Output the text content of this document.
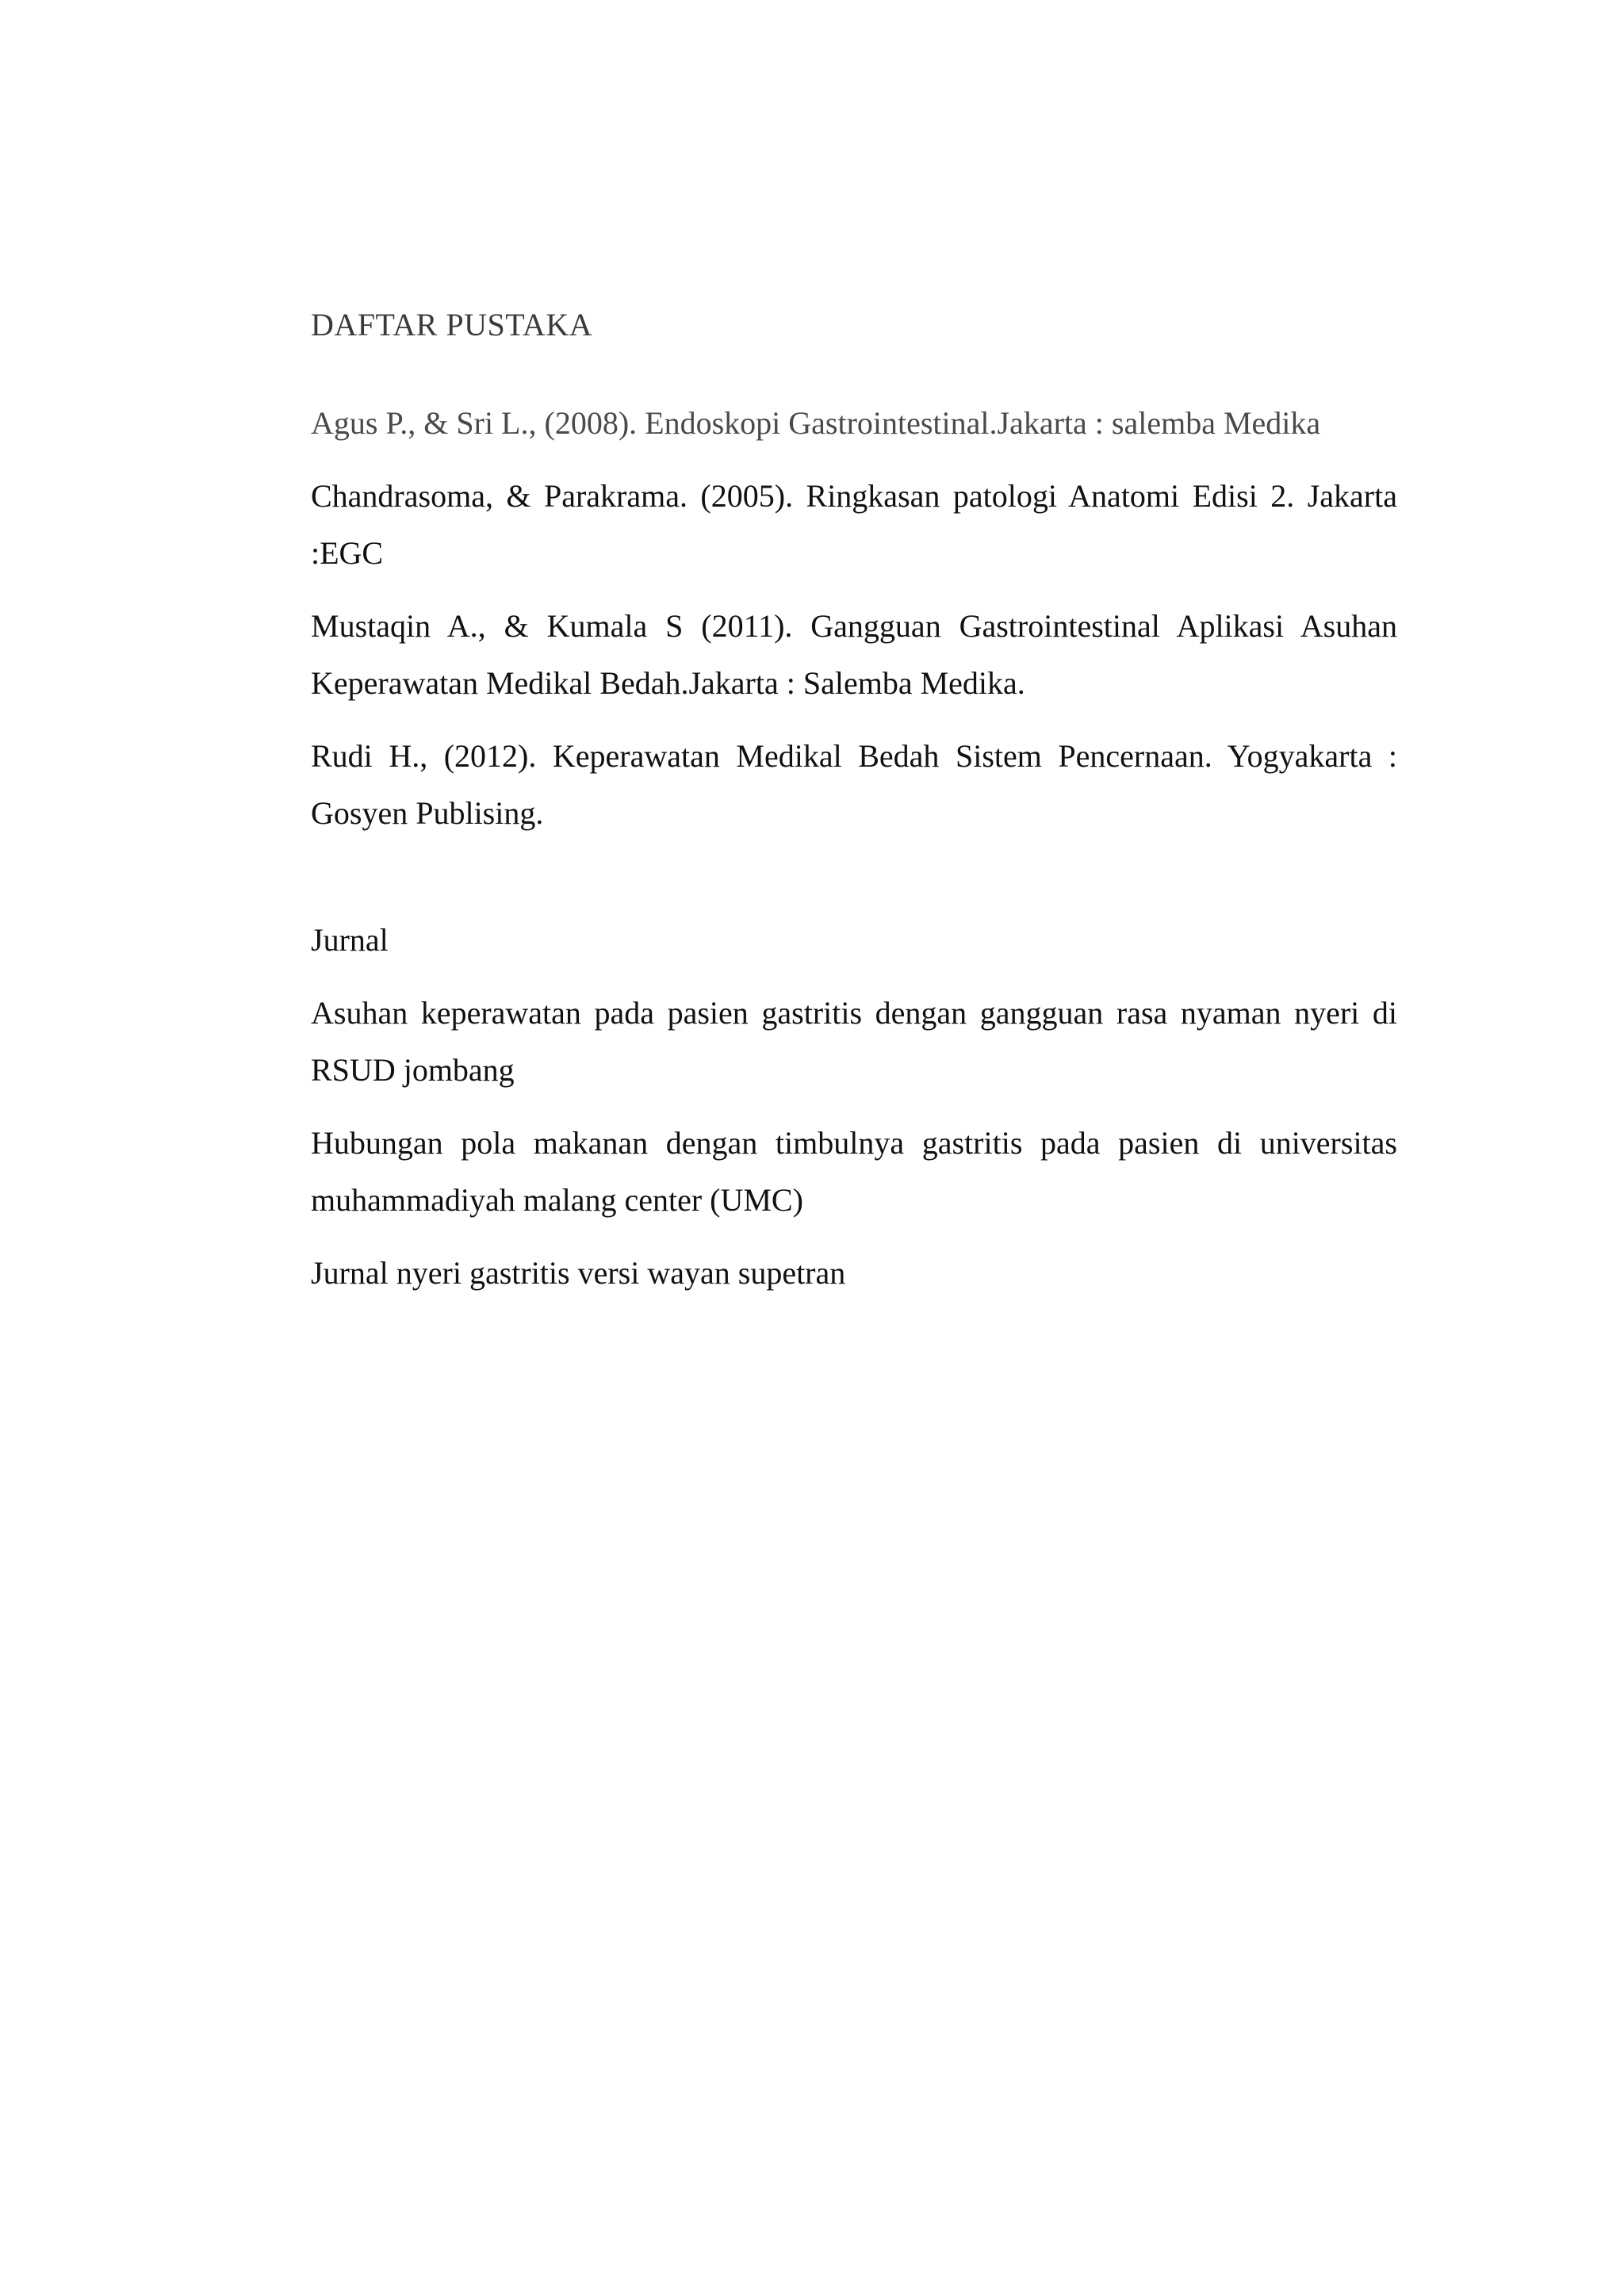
DAFTAR PUSTAKA

Agus P., & Sri L., (2008). Endoskopi Gastrointestinal.Jakarta : salemba Medika

Chandrasoma, & Parakrama. (2005). Ringkasan patologi Anatomi Edisi 2. Jakarta :EGC

Mustaqin A., & Kumala S (2011). Gangguan Gastrointestinal Aplikasi Asuhan Keperawatan Medikal Bedah.Jakarta : Salemba Medika.

Rudi H., (2012). Keperawatan Medikal Bedah Sistem Pencernaan. Yogyakarta : Gosyen Publising.

Jurnal

Asuhan keperawatan pada pasien gastritis dengan gangguan rasa nyaman nyeri di RSUD jombang

Hubungan pola makanan dengan timbulnya gastritis pada pasien di universitas muhammadiyah malang center (UMC)

Jurnal nyeri gastritis versi wayan supetran
